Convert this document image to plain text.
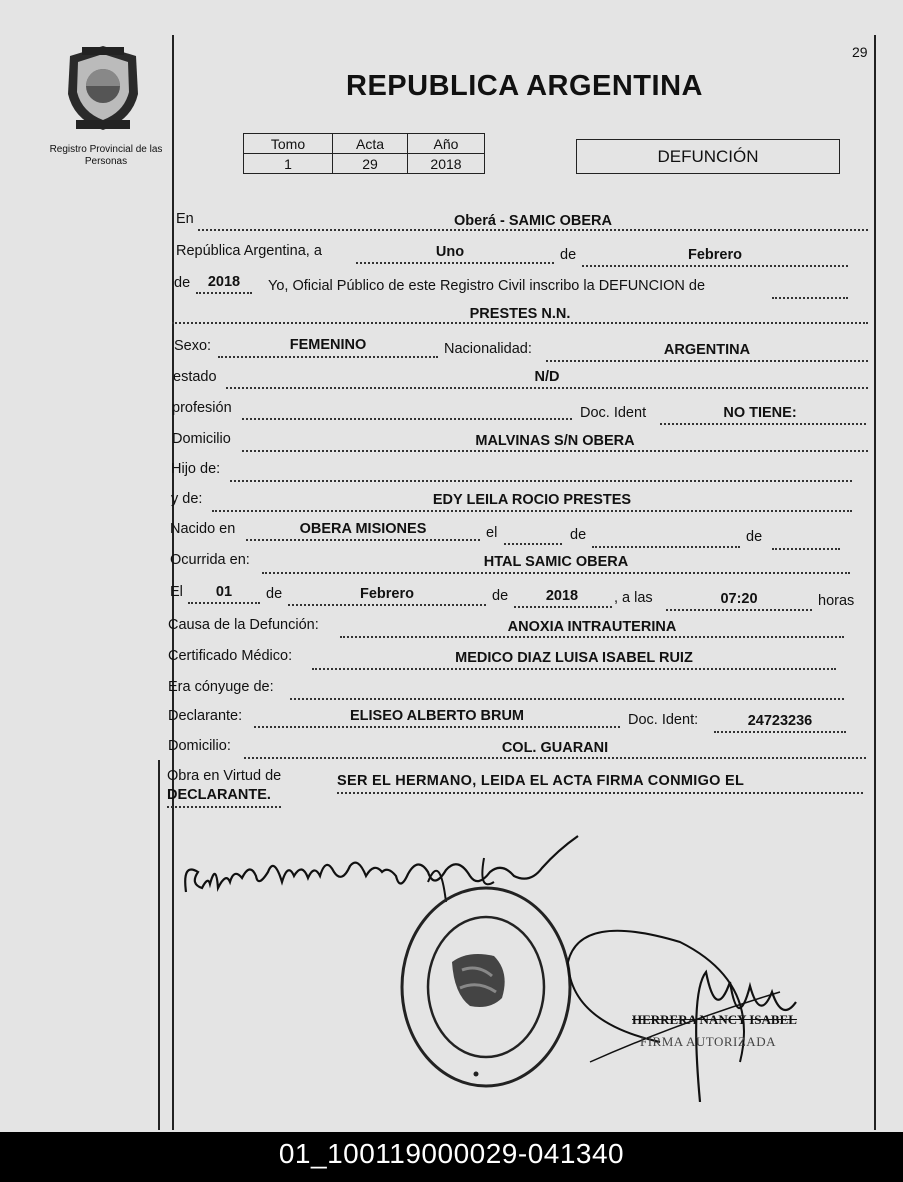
29
Registro Provincial de las Personas
REPUBLICA ARGENTINA
Tomo	Acta	Año
1	29	2018	DEFUNCIÓN
En	Oberá - SAMIC OBERA
República Argentina, a	Uno	de	Febrero
de	2018	Yo, Oficial Público de este Registro Civil inscribo la DEFUNCION de
PRESTES N.N.
Sexo:	FEMENINO	Nacionalidad:	ARGENTINA
estado	N/D
profesión	Doc. Ident	NO TIENE:
Domicilio	MALVINAS S/N OBERA
Hijo de:
y de:	EDY LEILA ROCIO PRESTES
Nacido en	OBERA MISIONES	el	de	de
Ocurrida en:	HTAL SAMIC OBERA
El	01	de	Febrero	de	2018	, a las	07:20	horas
Causa de la Defunción:	ANOXIA INTRAUTERINA
Certificado Médico:	MEDICO DIAZ LUISA ISABEL RUIZ
Era cónyuge de:
Declarante:	ELISEO ALBERTO BRUM	Doc. Ident:	24723236
Domicilio:	COL. GUARANI
Obra en Virtud de	SER EL HERMANO, LEIDA EL ACTA FIRMA CONMIGO EL
DECLARANTE.
HERRERA NANCY ISABEL
FIRMA AUTORIZADA
01_100119000029-041340
